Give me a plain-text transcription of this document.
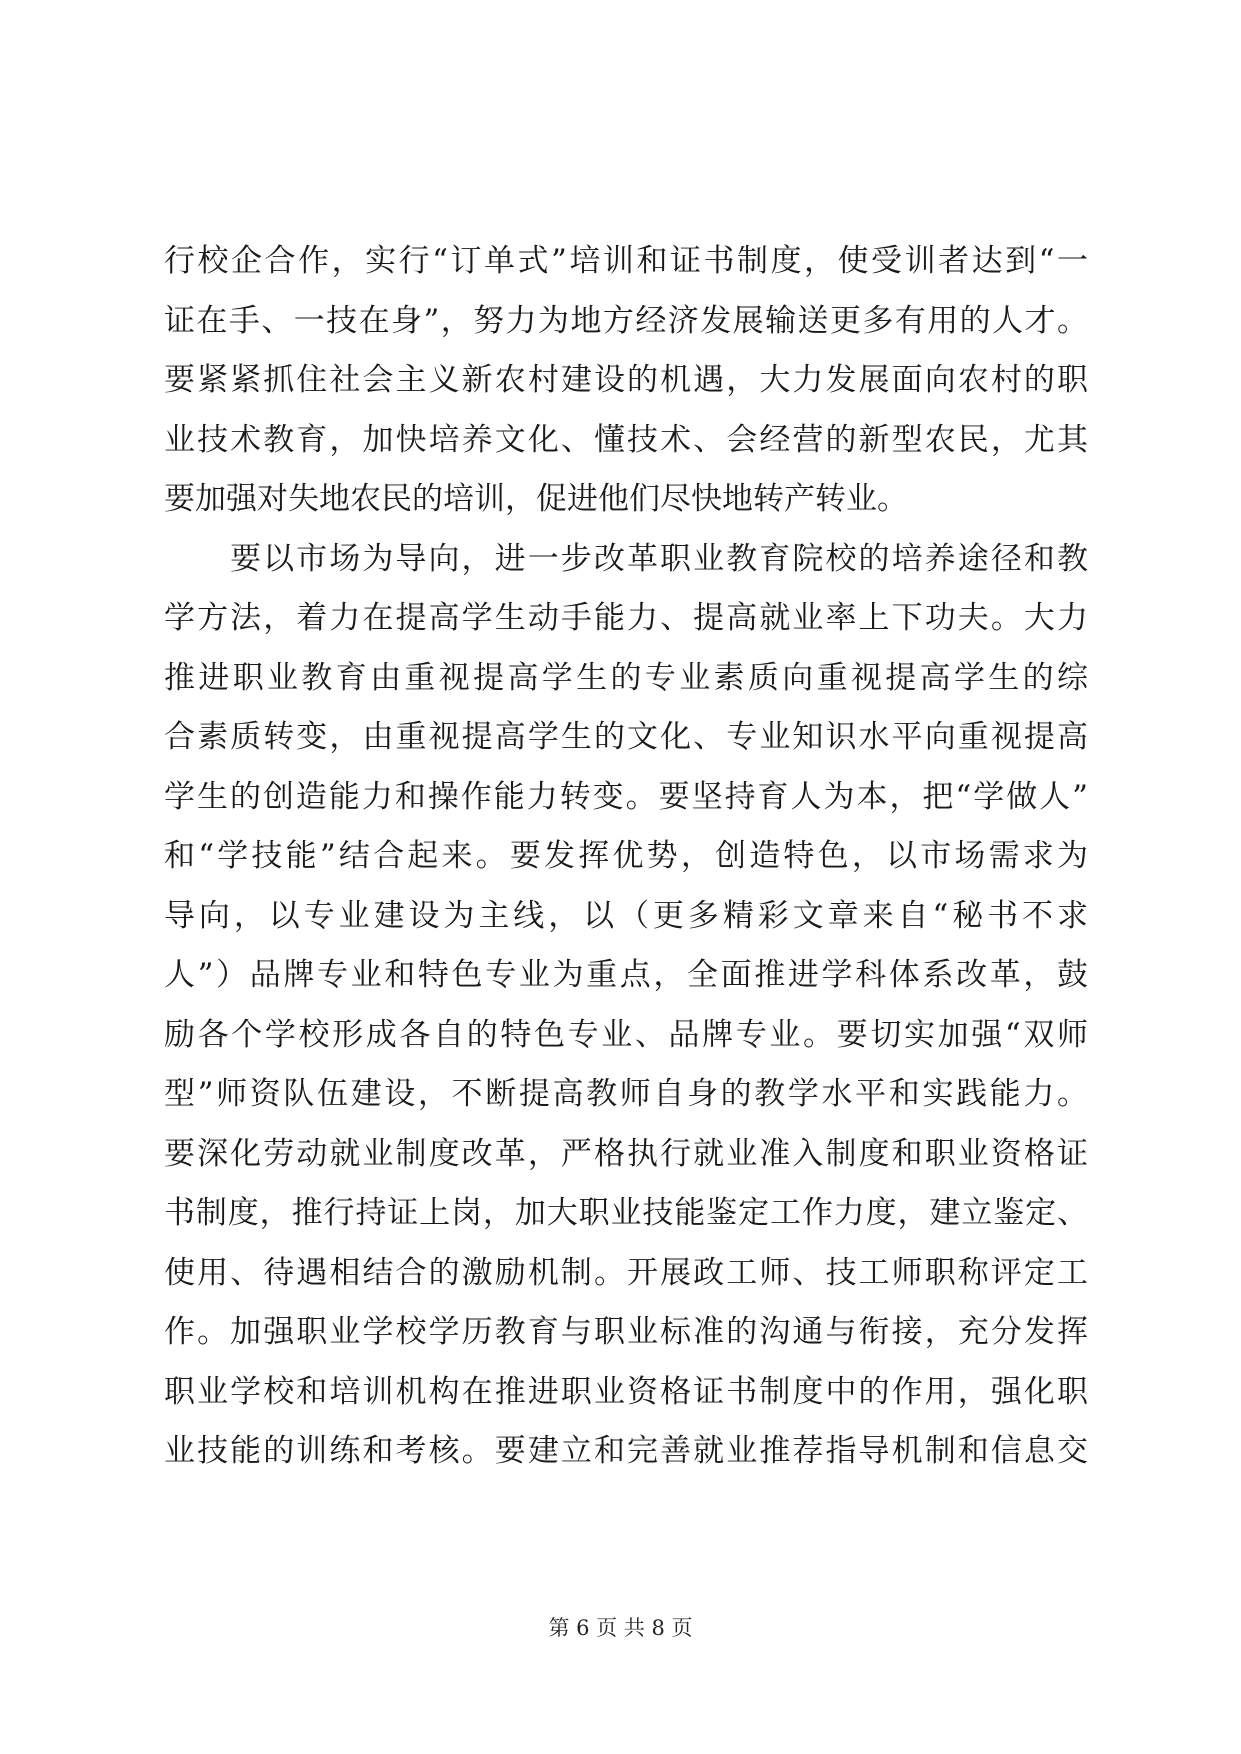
行校企合作，实行“订单式”培训和证书制度，使受训者达到“一
证在手、一技在身”，努力为地方经济发展输送更多有用的人才。
要紧紧抓住社会主义新农村建设的机遇，大力发展面向农村的职
业技术教育，加快培养文化、懂技术、会经营的新型农民，尤其
要加强对失地农民的培训，促进他们尽快地转产转业。
要以市场为导向，进一步改革职业教育院校的培养途径和教
学方法，着力在提高学生动手能力、提高就业率上下功夫。大力
推进职业教育由重视提高学生的专业素质向重视提高学生的综
合素质转变，由重视提高学生的文化、专业知识水平向重视提高
学生的创造能力和操作能力转变。要坚持育人为本，把“学做人”
和“学技能”结合起来。要发挥优势，创造特色，以市场需求为
导向，以专业建设为主线，以（更多精彩文章来自“秘书不求
人”）品牌专业和特色专业为重点，全面推进学科体系改革，鼓
励各个学校形成各自的特色专业、品牌专业。要切实加强“双师
型”师资队伍建设，不断提高教师自身的教学水平和实践能力。
要深化劳动就业制度改革，严格执行就业准入制度和职业资格证
书制度，推行持证上岗，加大职业技能鉴定工作力度，建立鉴定、
使用、待遇相结合的激励机制。开展政工师、技工师职称评定工
作。加强职业学校学历教育与职业标准的沟通与衔接，充分发挥
职业学校和培训机构在推进职业资格证书制度中的作用，强化职
业技能的训练和考核。要建立和完善就业推荐指导机制和信息交
第 6 页 共 8 页
